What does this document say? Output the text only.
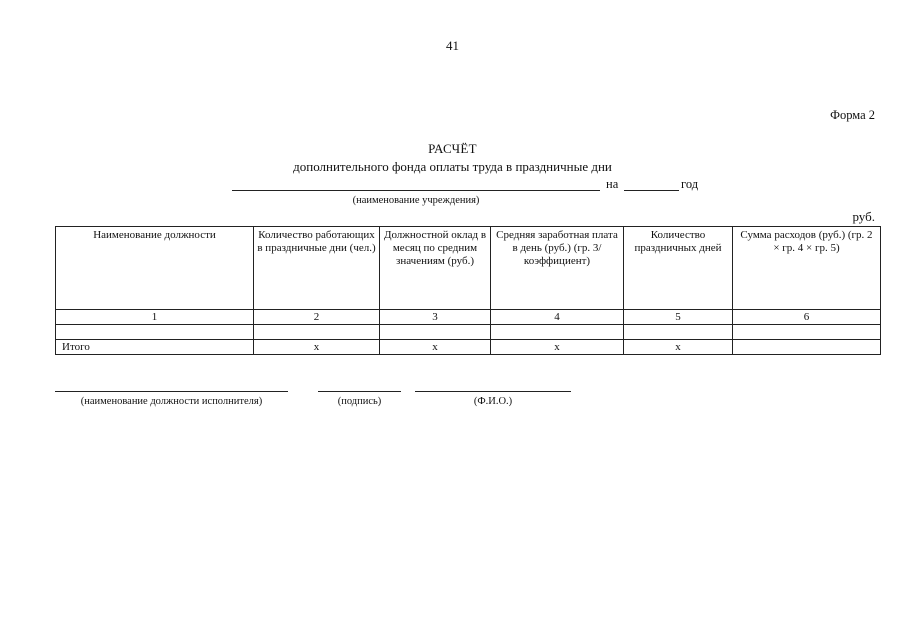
41
Форма 2
РАСЧЁТ
дополнительного фонда оплаты труда в праздничные дни
на	год
(наименование учреждения)
руб.
Наименование должности	Количество работающих в праздничные дни (чел.)	Должностной оклад в месяц по средним значениям (руб.)	Средняя заработная плата в день (руб.) (гр. 3/ коэффициент)	Количество праздничных дней	Сумма расходов (руб.) (гр. 2 × гр. 4 × гр. 5)
1	2	3	4	5	6

Итого	х	х	х	х	
(наименование должности исполнителя)	(подпись)	(Ф.И.О.)
